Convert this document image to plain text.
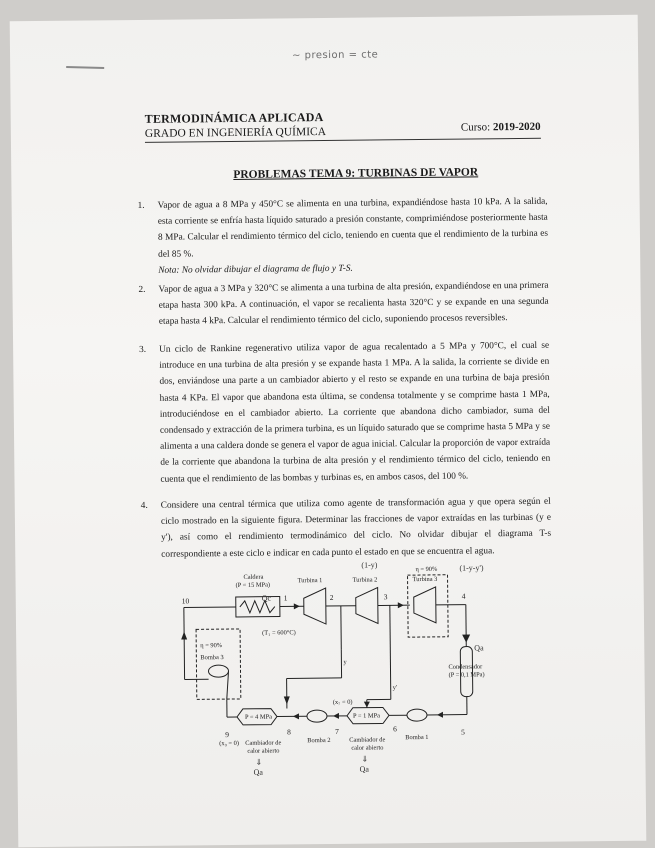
~ presion = cte
TERMODINÁMICA APLICADA
GRADO EN INGENIERÍA QUÍMICA	Curso: 2019-2020
PROBLEMAS TEMA 9: TURBINAS DE VAPOR
1. Vapor de agua a 8 MPa y 450°C se alimenta en una turbina, expandiéndose hasta 10 kPa. A la salida, esta corriente se enfría hasta líquido saturado a presión constante, comprimiéndose posteriormente hasta 8 MPa. Calcular el rendimiento térmico del ciclo, teniendo en cuenta que el rendimiento de la turbina es del 85 %.
Nota: No olvidar dibujar el diagrama de flujo y T-S.
2. Vapor de agua a 3 MPa y 320°C se alimenta a una turbina de alta presión, expandiéndose en una primera etapa hasta 300 kPa. A continuación, el vapor se recalienta hasta 320°C y se expande en una segunda etapa hasta 4 kPa. Calcular el rendimiento térmico del ciclo, suponiendo procesos reversibles.
3. Un ciclo de Rankine regenerativo utiliza vapor de agua recalentado a 5 MPa y 700°C, el cual se introduce en una turbina de alta presión y se expande hasta 1 MPa. A la salida, la corriente se divide en dos, enviándose una parte a un cambiador abierto y el resto se expande en una turbina de baja presión hasta 4 KPa. El vapor que abandona esta última, se condensa totalmente y se comprime hasta 1 MPa, introduciéndose en el cambiador abierto. La corriente que abandona dicho cambiador, suma del condensado y extracción de la primera turbina, es un líquido saturado que se comprime hasta 5 MPa y se alimenta a una caldera donde se genera el vapor de agua inicial. Calcular la proporción de vapor extraída de la corriente que abandona la turbina de alta presión y el rendimiento térmico del ciclo, teniendo en cuenta que el rendimiento de las bombas y turbinas es, en ambos casos, del 100 %.
4. Considere una central térmica que utiliza como agente de transformación agua y que opera según el ciclo mostrado en la siguiente figura. Determinar las fracciones de vapor extraídas en las turbinas (y e y'), así como el rendimiento termodinámico del ciclo. No olvidar dibujar el diagrama T-s correspondiente a este ciclo e indicar en cada punto el estado en que se encuentra el agua.
Caldera
(P = 15 MPa)
(T₁ = 600°C)
Turbina 1	Turbina 2	Turbina 3
η = 90%
η = 90%
Bomba 3
Condensador
(P = 0,1 MPa)
P = 4 MPa	P = 1 MPa
(x₇ = 0)
(x₉ = 0) Cambiador de
calor abierto
Cambiador de
calor abierto
Bomba 2	Bomba 1
y
y'
10	1	2	3	4
5
6
7
8
9
Qc
(1-y)	(1-y-y')
Qa
⇓
Qa
⇓
Qa
